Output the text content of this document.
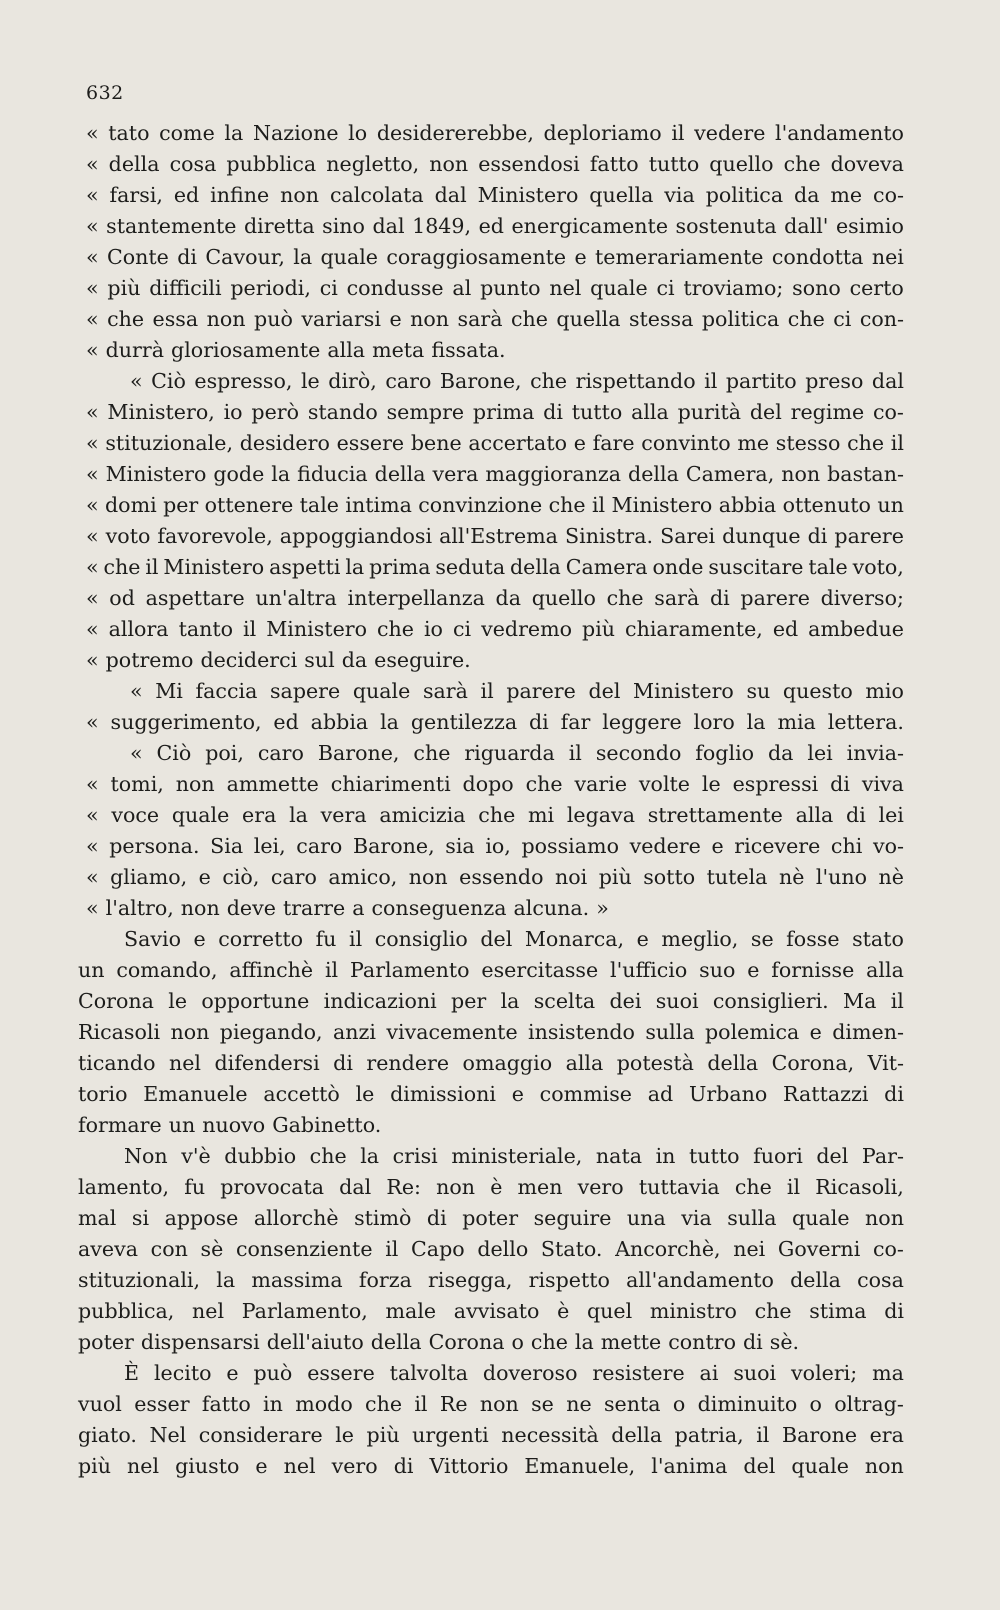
632
« tato come la Nazione lo desidererebbe, deploriamo il vedere l'andamento
« della cosa pubblica negletto, non essendosi fatto tutto quello che doveva
« farsi, ed infine non calcolata dal Ministero quella via politica da me co-
« stantemente diretta sino dal 1849, ed energicamente sostenuta dall' esimio
« Conte di Cavour, la quale coraggiosamente e temerariamente condotta nei
« più difficili periodi, ci condusse al punto nel quale ci troviamo; sono certo
« che essa non può variarsi e non sarà che quella stessa politica che ci con-
« durrà gloriosamente alla meta fissata.
« Ciò espresso, le dirò, caro Barone, che rispettando il partito preso dal
« Ministero, io però stando sempre prima di tutto alla purità del regime co-
« stituzionale, desidero essere bene accertato e fare convinto me stesso che il
« Ministero gode la fiducia della vera maggioranza della Camera, non bastan-
« domi per ottenere tale intima convinzione che il Ministero abbia ottenuto un
« voto favorevole, appoggiandosi all'Estrema Sinistra. Sarei dunque di parere
« che il Ministero aspetti la prima seduta della Camera onde suscitare tale voto,
« od aspettare un'altra interpellanza da quello che sarà di parere diverso;
« allora tanto il Ministero che io ci vedremo più chiaramente, ed ambedue
« potremo deciderci sul da eseguire.
« Mi faccia sapere quale sarà il parere del Ministero su questo mio
« suggerimento, ed abbia la gentilezza di far leggere loro la mia lettera.
« Ciò poi, caro Barone, che riguarda il secondo foglio da lei invia-
« tomi, non ammette chiarimenti dopo che varie volte le espressi di viva
« voce quale era la vera amicizia che mi legava strettamente alla di lei
« persona. Sia lei, caro Barone, sia io, possiamo vedere e ricevere chi vo-
« gliamo, e ciò, caro amico, non essendo noi più sotto tutela nè l'uno nè
« l'altro, non deve trarre a conseguenza alcuna. »
Savio e corretto fu il consiglio del Monarca, e meglio, se fosse stato
un comando, affinchè il Parlamento esercitasse l'ufficio suo e fornisse alla
Corona le opportune indicazioni per la scelta dei suoi consiglieri. Ma il
Ricasoli non piegando, anzi vivacemente insistendo sulla polemica e dimen-
ticando nel difendersi di rendere omaggio alla potestà della Corona, Vit-
torio Emanuele accettò le dimissioni e commise ad Urbano Rattazzi di
formare un nuovo Gabinetto.
Non v'è dubbio che la crisi ministeriale, nata in tutto fuori del Par-
lamento, fu provocata dal Re: non è men vero tuttavia che il Ricasoli,
mal si appose allorchè stimò di poter seguire una via sulla quale non
aveva con sè consenziente il Capo dello Stato. Ancorchè, nei Governi co-
stituzionali, la massima forza risegga, rispetto all'andamento della cosa
pubblica, nel Parlamento, male avvisato è quel ministro che stima di
poter dispensarsi dell'aiuto della Corona o che la mette contro di sè.
È lecito e può essere talvolta doveroso resistere ai suoi voleri; ma
vuol esser fatto in modo che il Re non se ne senta o diminuito o oltrag-
giato. Nel considerare le più urgenti necessità della patria, il Barone era
più nel giusto e nel vero di Vittorio Emanuele, l'anima del quale non
